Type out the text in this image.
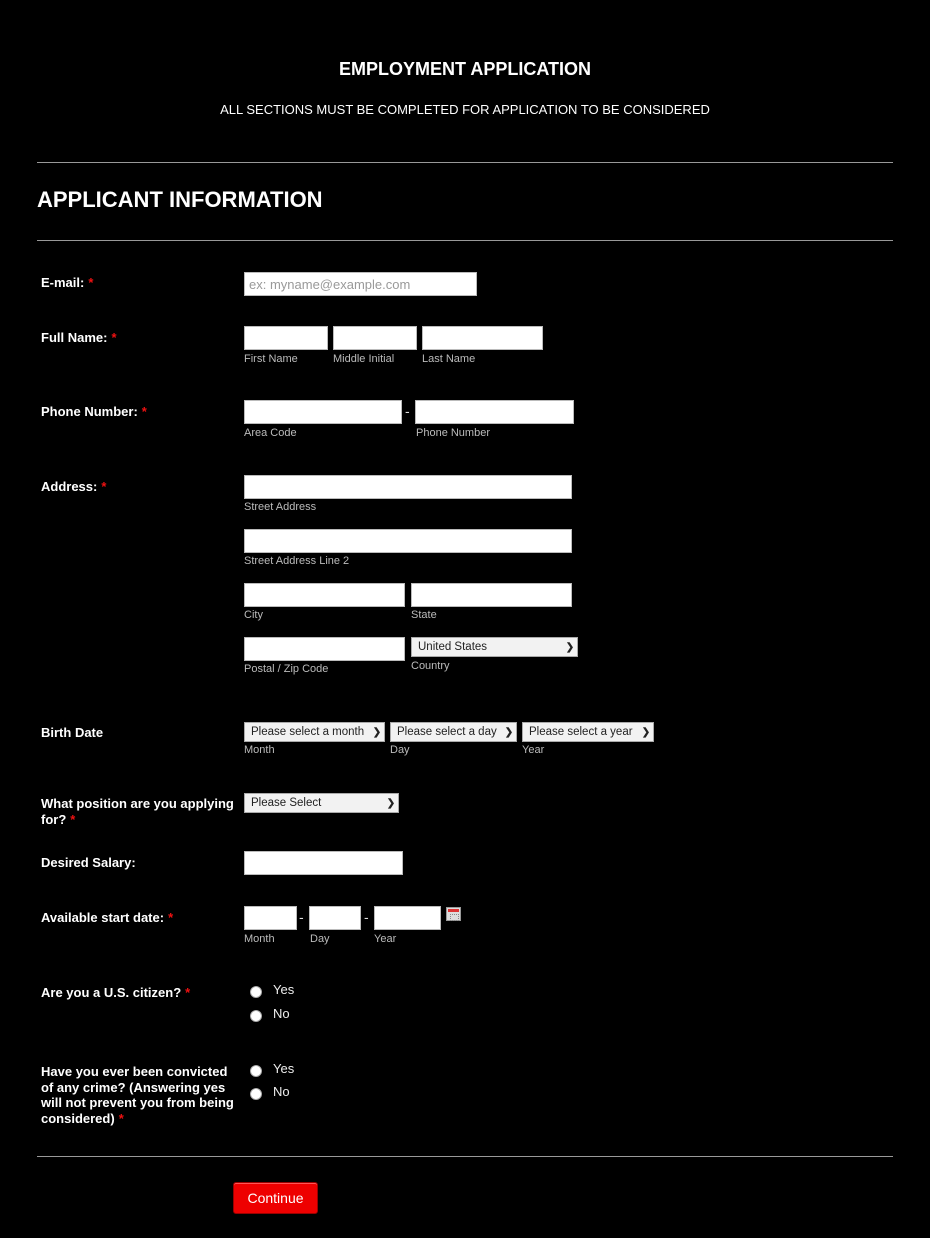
EMPLOYMENT APPLICATION
ALL SECTIONS MUST BE COMPLETED FOR APPLICATION TO BE CONSIDERED
APPLICANT INFORMATION
E-mail: *
ex: myname@example.com
Full Name: *
First Name	Middle Initial	Last Name
Phone Number: *	-
Area Code	Phone Number
Address: *
Street Address
Street Address Line 2
City	State
Postal / Zip Code
United States	❯
Country
Birth Date	Please select a month ❯
Month
Please select a day ❯
Day
Please select a year ❯
Year
What position are you applying
for? *
Please Select	❯
Desired Salary:
Available start date: *	-
Month
-
Day	Year
Are you a U.S. citizen? *	Yes
No
Have you ever been convicted
of any crime? (Answering yes
will not prevent you from being
considered) *
Yes
No
Continue
